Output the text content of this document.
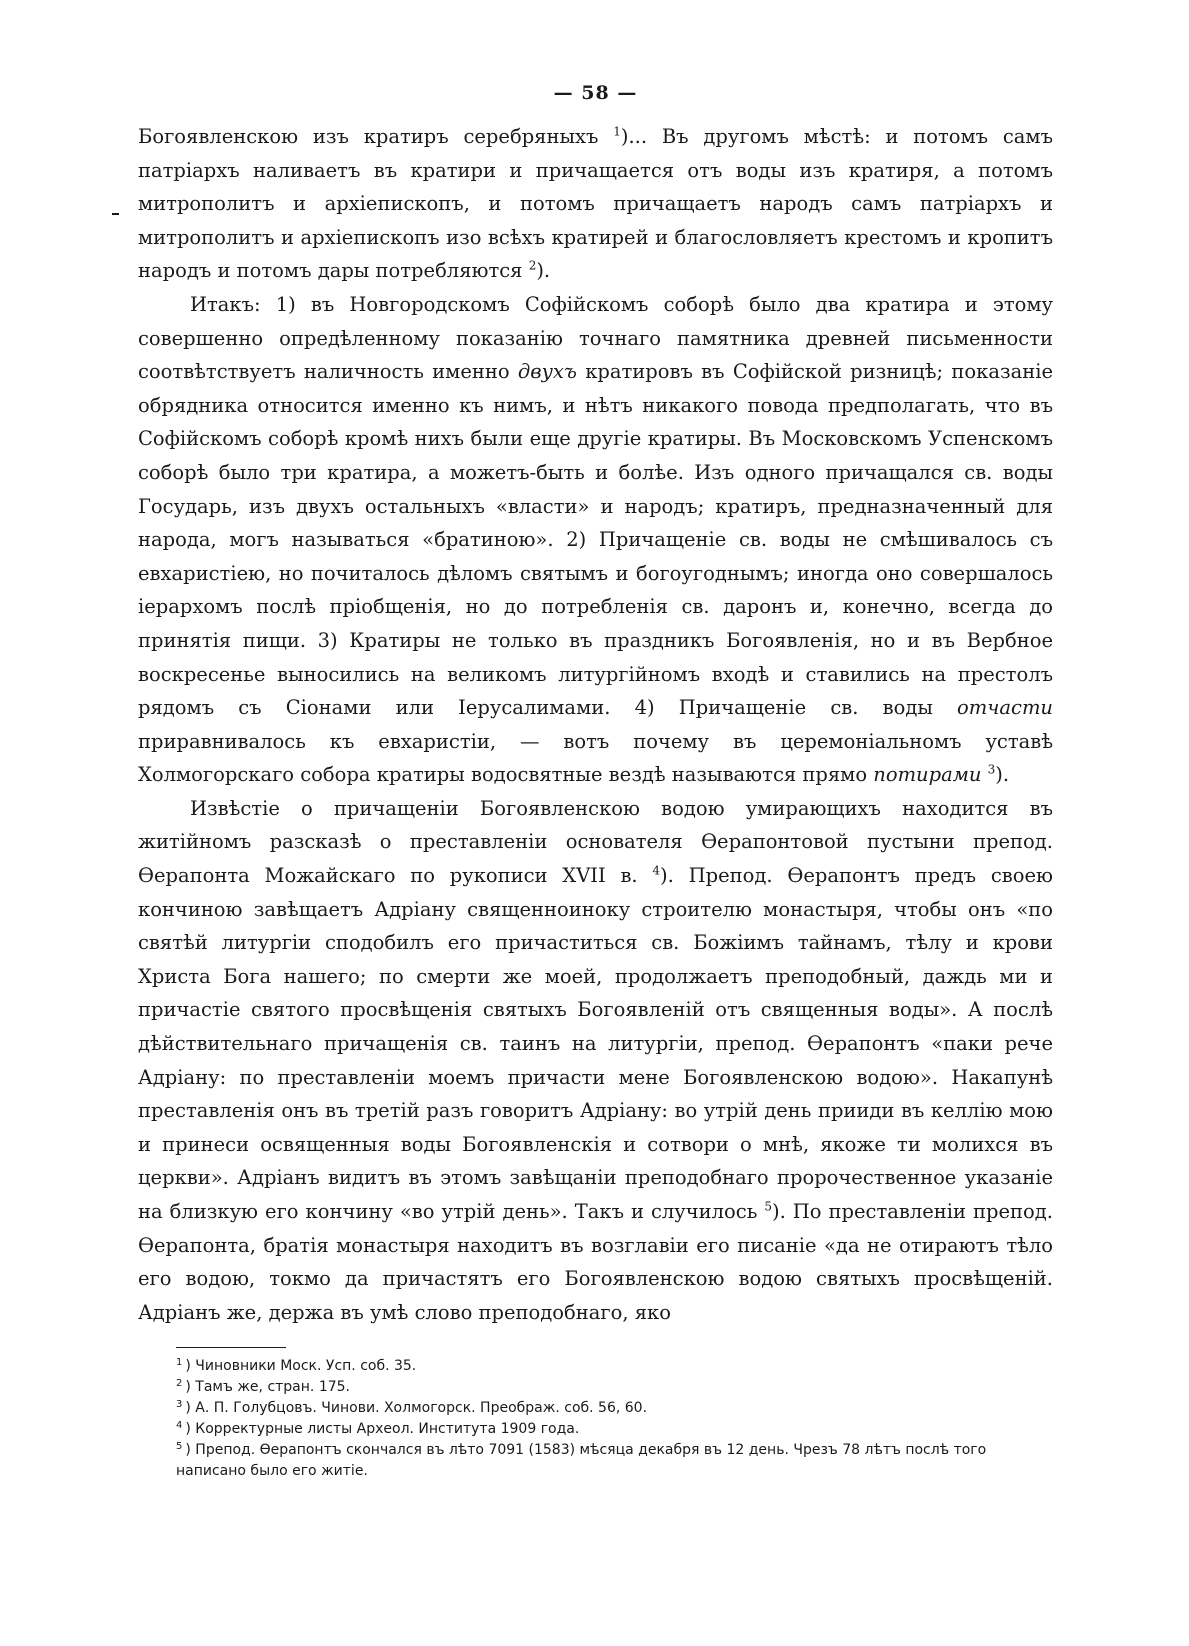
— 58 —

Богоявленскою изъ кратиръ серебряныхъ $^1$)... Въ другомъ мѣстѣ: и потомъ самъ патріархъ наливаетъ въ кратири и причащается отъ воды изъ кратиря, а потомъ митрополитъ и архіепископъ, и потомъ причащаетъ народъ самъ патріархъ и митрополитъ и архіепископъ изо всѣхъ кратирей и благословляетъ крестомъ и кропитъ народъ и потомъ дары потребляются $^2$).

Итакъ: 1) въ Новгородскомъ Софійскомъ соборѣ было два кратира и этому совершенно опредѣленному показанію точнаго памятника древней письменности соотвѣтствуетъ наличность именно двухъ кратировъ въ Софійской ризницѣ; показаніе обрядника относится именно къ нимъ, и нѣтъ никакого повода предполагать, что въ Софійскомъ соборѣ кромѣ нихъ были еще другіе кратиры. Въ Московскомъ Успенскомъ соборѣ было три кратира, а можетъ-быть и болѣе. Изъ одного причащался св. воды Государь, изъ двухъ остальныхъ «власти» и народъ; кратиръ, предназначенный для народа, могъ называться «братиною». 2) Причащеніе св. воды не смѣшивалось съ евхаристіею, но почиталось дѣломъ святымъ и богоугоднымъ; иногда оно совершалось іерархомъ послѣ пріобщенія, но до потребленія св. даронъ и, конечно, всегда до принятія пищи. 3) Кратиры не только въ праздникъ Богоявленія, но и въ Вербное воскресенье выносились на великомъ литургійномъ входѣ и ставились на престолъ рядомъ съ Сіонами или Іерусалимами. 4) Причащеніе св. воды отчасти приравнивалось къ евхаристіи, — вотъ почему въ церемоніальномъ уставѣ Холмогорскаго собора кратиры водосвятные вездѣ называются прямо потирами $^3$).

Извѣстіе о причащеніи Богоявленскою водою умирающихъ находится въ житійномъ разсказѣ о преставленіи основателя Ѳерапонтовой пустыни препод. Ѳерапонта Можайскаго по рукописи XVII в. $^4$). Препод. Ѳерапонтъ предъ своею кончиною завѣщаетъ Адріану священноиноку строителю монастыря, чтобы онъ «по святѣй литургіи сподобилъ его причаститься св. Божіимъ тайнамъ, тѣлу и крови Христа Бога нашего; по смерти же моей, продолжаетъ преподобный, даждь ми и причастіе святого просвѣщенія святыхъ Богоявленій отъ священныя воды». А послѣ дѣйствительнаго причащенія св. таинъ на литургіи, препод. Ѳерапонтъ «паки рече Адріану: по преставленіи моемъ причасти мене Богоявленскою водою». Накапунѣ преставленія онъ въ третій разъ говоритъ Адріану: во утрій день прииди въ келлію мою и принеси освященныя воды Богоявленскія и сотвори о мнѣ, якоже ти молихся въ церкви». Адріанъ видитъ въ этомъ завѣщаніи преподобнаго пророчественное указаніе на близкую его кончину «во утрій день». Такъ и случилось $^5$). По преставленіи препод. Ѳерапонта, братія монастыря находитъ въ возглавіи его писаніе «да не отираютъ тѣло его водою, токмо да причастятъ его Богоявленскою водою святыхъ просвѣщеній. Адріанъ же, держа въ умѣ слово преподобнаго, яко

$^1$ ) Чиновники Моск. Усп. соб. 35.
$^2$ ) Тамъ же, стран. 175.
$^3$ ) А. П. Голубцовъ. Чинови. Холмогорск. Преображ. соб. 56, 60.
$^4$ ) Корректурные листы Археол. Института 1909 года.
$^5$ ) Препод. Ѳерапонтъ скончался въ лѣто 7091 (1583) мѣсяца декабря въ 12 день. Чрезъ 78 лѣтъ послѣ того написано было его житіе.
